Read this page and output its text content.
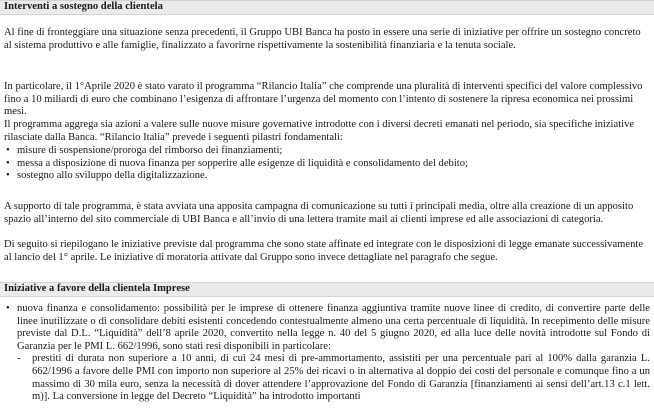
Interventi a sostegno della clientela

Al fine di fronteggiare una situazione senza precedenti, il Gruppo UBI Banca ha posto in essere una serie di iniziative per offrire un sostegno concreto al sistema produttivo e alle famiglie, finalizzato a favorirne rispettivamente la sostenibilità finanziaria e la tenuta sociale.

In particolare, il 1°Aprile 2020 è stato varato il programma “Rilancio Italia” che comprende una pluralità di interventi specifici del valore complessivo fino a 10 miliardi di euro che combinano l’esigenza di affrontare l’urgenza del momento con l’intento di sostenere la ripresa economica nei prossimi mesi.

Il programma aggrega sia azioni a valere sulle nuove misure governative introdotte con i diversi decreti emanati nel periodo, sia specifiche iniziative rilasciate dalla Banca. “Rilancio Italia” prevede i seguenti pilastri fondamentali:

• misure di sospensione/proroga del rimborso dei finanziamenti;
• messa a disposizione di nuova finanza per sopperire alle esigenze di liquidità e consolidamento del debito;
• sostegno allo sviluppo della digitalizzazione.

A supporto di tale programma, è stata avviata una apposita campagna di comunicazione su tutti i principali media, oltre alla creazione di un apposito spazio all’interno del sito commerciale di UBI Banca e all’invio di una lettera tramite mail ai clienti imprese ed alle associazioni di categoria.

Di seguito si riepilogano le iniziative previste dal programma che sono state affinate ed integrate con le disposizioni di legge emanate successivamente al lancio del 1° aprile. Le iniziative di moratoria attivate dal Gruppo sono invece dettagliate nel paragrafo che segue.

Iniziative a favore della clientela Imprese
• nuova finanza e consolidamento: possibilità per le imprese di ottenere finanza aggiuntiva tramite nuove linee di credito, di convertire parte delle linee inutilizzate o di consolidare debiti esistenti concedendo contestualmente almeno una certa percentuale di liquidità. In recepimento delle misure previste dal D.L. “Liquidità” dell’8 aprile 2020, convertito nella legge n. 40 del 5 giugno 2020, ed alla luce delle novità introdotte sul Fondo di Garanzia per le PMI L. 662/1996, sono stati resi disponibili in particolare:
- prestiti di durata non superiore a 10 anni, di cui 24 mesi di pre-ammortamento, assistiti per una percentuale pari al 100% dalla garanzia L. 662/1996 a favore delle PMI con importo non superiore al 25% dei ricavi o in alternativa al doppio dei costi del personale e comunque fino a un massimo di 30 mila euro, senza la necessità di dover attendere l’approvazione del Fondo di Garanzia [finanziamenti ai sensi dell’art.13 c.1 lett. m)]. La conversione in legge del Decreto “Liquidità” ha introdotto importanti
